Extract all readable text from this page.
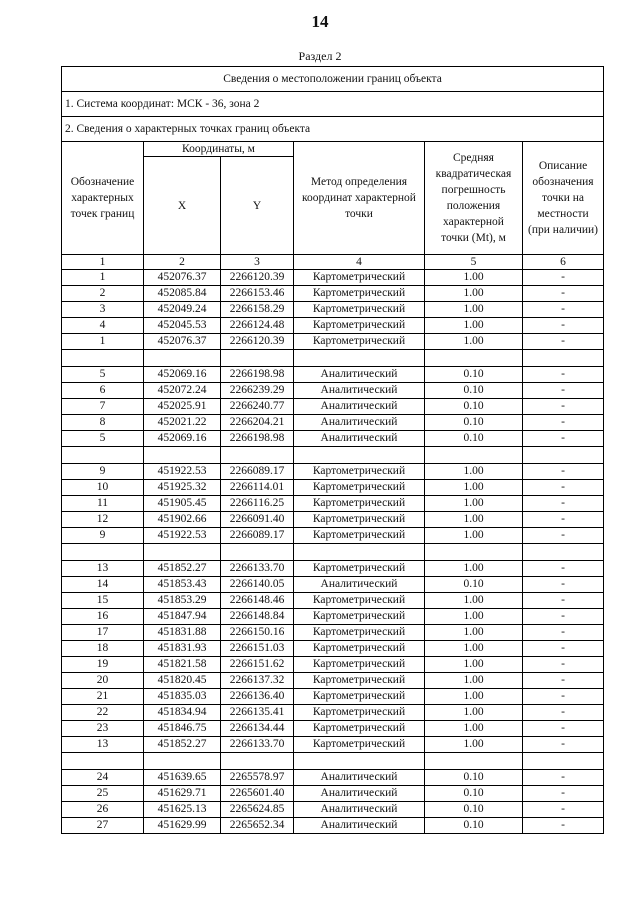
14
Раздел 2
Сведения о местоположении границ объекта					
1. Система координат: МСК - 36, зона 2					
2. Сведения о характерных точках границ объекта					
Обозначение характерных точек границ	Координаты, м		Метод определения координат характерной точки	Средняя квадратическая погрешность положения характерной точки (Mt), м	Описание обозначения точки на местности (при наличии)
	X	Y			
1	2	3	4	5	6
1	452076.37	2266120.39	Картометрический	1.00	-
2	452085.84	2266153.46	Картометрический	1.00	-
3	452049.24	2266158.29	Картометрический	1.00	-
4	452045.53	2266124.48	Картометрический	1.00	-
1	452076.37	2266120.39	Картометрический	1.00	-

5	452069.16	2266198.98	Аналитический	0.10	-
6	452072.24	2266239.29	Аналитический	0.10	-
7	452025.91	2266240.77	Аналитический	0.10	-
8	452021.22	2266204.21	Аналитический	0.10	-
5	452069.16	2266198.98	Аналитический	0.10	-

9	451922.53	2266089.17	Картометрический	1.00	-
10	451925.32	2266114.01	Картометрический	1.00	-
11	451905.45	2266116.25	Картометрический	1.00	-
12	451902.66	2266091.40	Картометрический	1.00	-
9	451922.53	2266089.17	Картометрический	1.00	-

13	451852.27	2266133.70	Картометрический	1.00	-
14	451853.43	2266140.05	Аналитический	0.10	-
15	451853.29	2266148.46	Картометрический	1.00	-
16	451847.94	2266148.84	Картометрический	1.00	-
17	451831.88	2266150.16	Картометрический	1.00	-
18	451831.93	2266151.03	Картометрический	1.00	-
19	451821.58	2266151.62	Картометрический	1.00	-
20	451820.45	2266137.32	Картометрический	1.00	-
21	451835.03	2266136.40	Картометрический	1.00	-
22	451834.94	2266135.41	Картометрический	1.00	-
23	451846.75	2266134.44	Картометрический	1.00	-
13	451852.27	2266133.70	Картометрический	1.00	-

24	451639.65	2265578.97	Аналитический	0.10	-
25	451629.71	2265601.40	Аналитический	0.10	-
26	451625.13	2265624.85	Аналитический	0.10	-
27	451629.99	2265652.34	Аналитический	0.10	-
